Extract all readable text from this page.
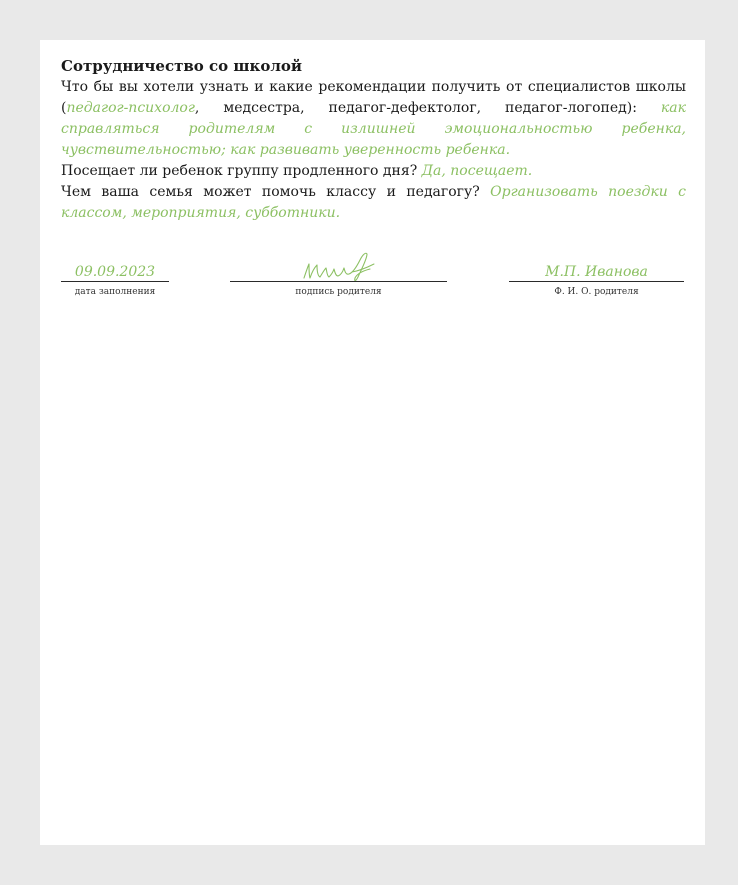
Сотрудничество со школой

Что бы вы хотели узнать и какие рекомендации получить от специалистов школы (педагог-психолог, медсестра, педагог-дефектолог, педагог-логопед): как справляться родителям с излишней эмоциональностью ребенка, чувствительностью; как развивать уверенность ребенка.

Посещает ли ребенок группу продленного дня? Да, посещает.

Чем ваша семья может помочь классу и педагогу? Организовать поездки с классом, мероприятия, субботники.

09.09.2023
дата заполнения	подпись родителя
М.П. Иванова
Ф. И. О. родителя
